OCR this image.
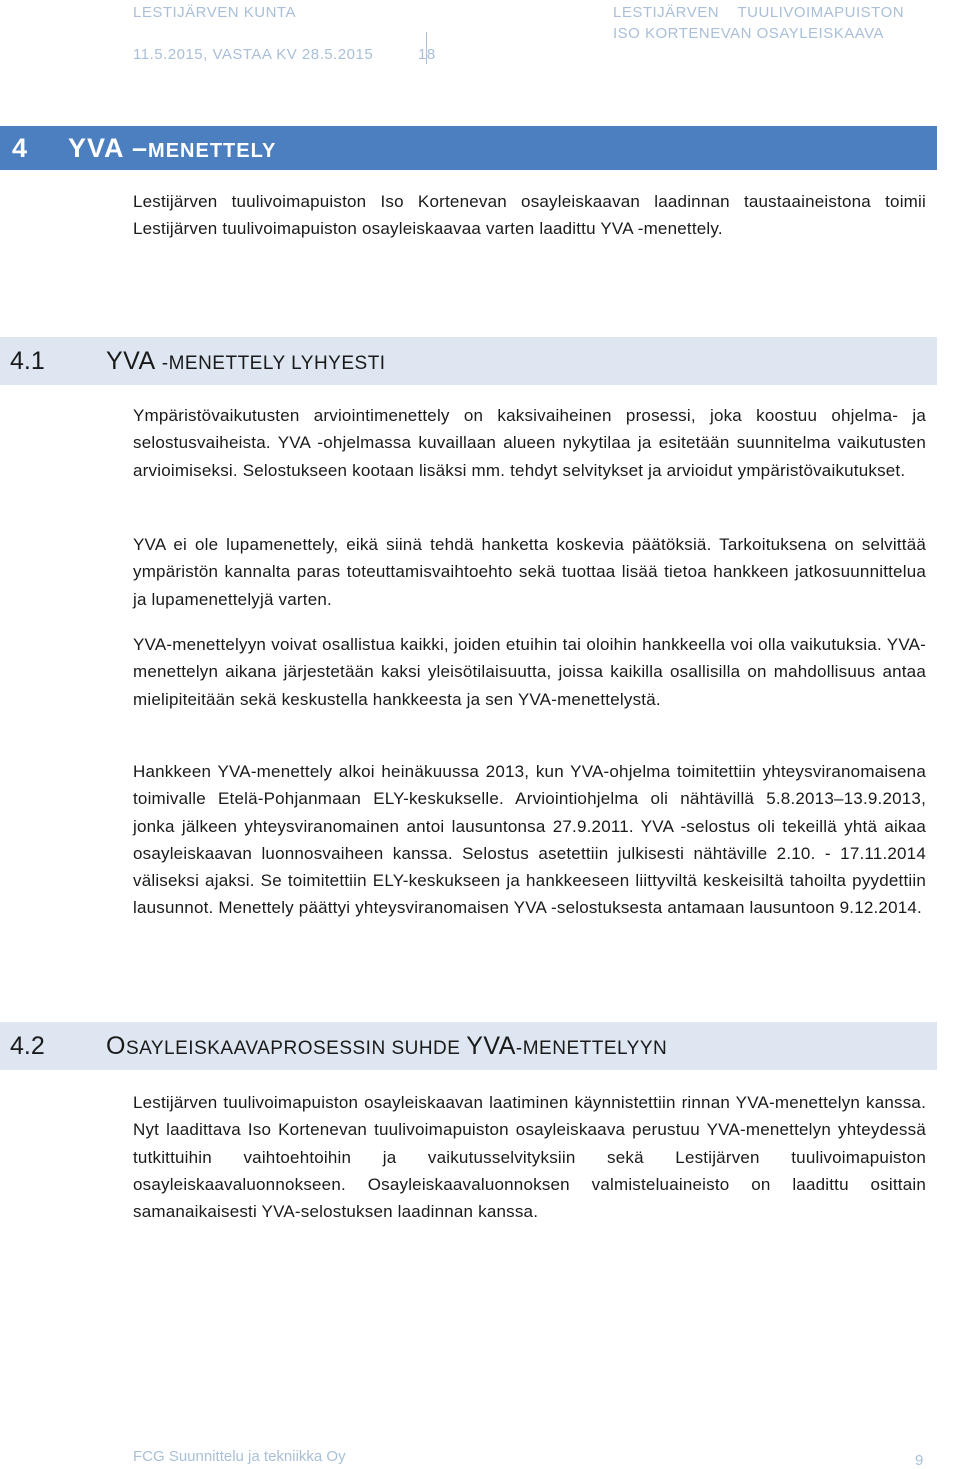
LESTIJÄRVEN KUNTA
11.5.2015, VASTAA KV 28.5.2015	18
LESTIJÄRVEN    TUULIVOIMAPUISTON
ISO KORTENEVAN OSAYLEISKAAVA
4 YVA –MENETTELY

Lestijärven tuulivoimapuiston Iso Kortenevan osayleiskaavan laadinnan taustaaineistona toimii Lestijärven tuulivoimapuiston osayleiskaavaa varten laadittu YVA -menettely.

4.1 YVA -MENETTELY LYHYESTI

Ympäristövaikutusten arviointimenettely on kaksivaiheinen prosessi, joka koostuu ohjelma- ja selostusvaiheista. YVA -ohjelmassa kuvaillaan alueen nykytilaa ja esitetään suunnitelma vaikutusten arvioimiseksi. Selostukseen kootaan lisäksi mm. tehdyt selvitykset ja arvioidut ympäristövaikutukset.

YVA ei ole lupamenettely, eikä siinä tehdä hanketta koskevia päätöksiä. Tarkoituksena on selvittää ympäristön kannalta paras toteuttamisvaihtoehto sekä tuottaa lisää tietoa hankkeen jatkosuunnittelua ja lupamenettelyjä varten.

YVA-menettelyyn voivat osallistua kaikki, joiden etuihin tai oloihin hankkeella voi olla vaikutuksia. YVA-menettelyn aikana järjestetään kaksi yleisötilaisuutta, joissa kaikilla osallisilla on mahdollisuus antaa mielipiteitään sekä keskustella hankkeesta ja sen YVA-menettelystä.

Hankkeen YVA-menettely alkoi heinäkuussa 2013, kun YVA-ohjelma toimitettiin yhteysviranomaisena toimivalle Etelä-Pohjanmaan ELY-keskukselle. Arviointiohjelma oli nähtävillä 5.8.2013–13.9.2013, jonka jälkeen yhteysviranomainen antoi lausuntonsa 27.9.2011. YVA -selostus oli tekeillä yhtä aikaa osayleiskaavan luonnosvaiheen kanssa. Selostus asetettiin julkisesti nähtäville 2.10. - 17.11.2014 väliseksi ajaksi. Se toimitettiin ELY-keskukseen ja hankkeeseen liittyviltä keskeisiltä tahoilta pyydettiin lausunnot. Menettely päättyi yhteysviranomaisen YVA -selostuksesta antamaan lausuntoon 9.12.2014.

4.2 OSAYLEISKAAVAPROSESSIN SUHDE YVA-MENETTELYYN

Lestijärven tuulivoimapuiston osayleiskaavan laatiminen käynnistettiin rinnan YVA-menettelyn kanssa. Nyt laadittava Iso Kortenevan tuulivoimapuiston osayleiskaava perustuu YVA-menettelyn yhteydessä tutkittuihin vaihtoehtoihin ja vaikutusselvityksiin sekä Lestijärven tuulivoimapuiston osayleiskaavaluonnokseen. Osayleiskaavaluonnoksen valmisteluaineisto on laadittu osittain samanaikaisesti YVA-selostuksen laadinnan kanssa.

FCG Suunnittelu ja tekniikka Oy	9
